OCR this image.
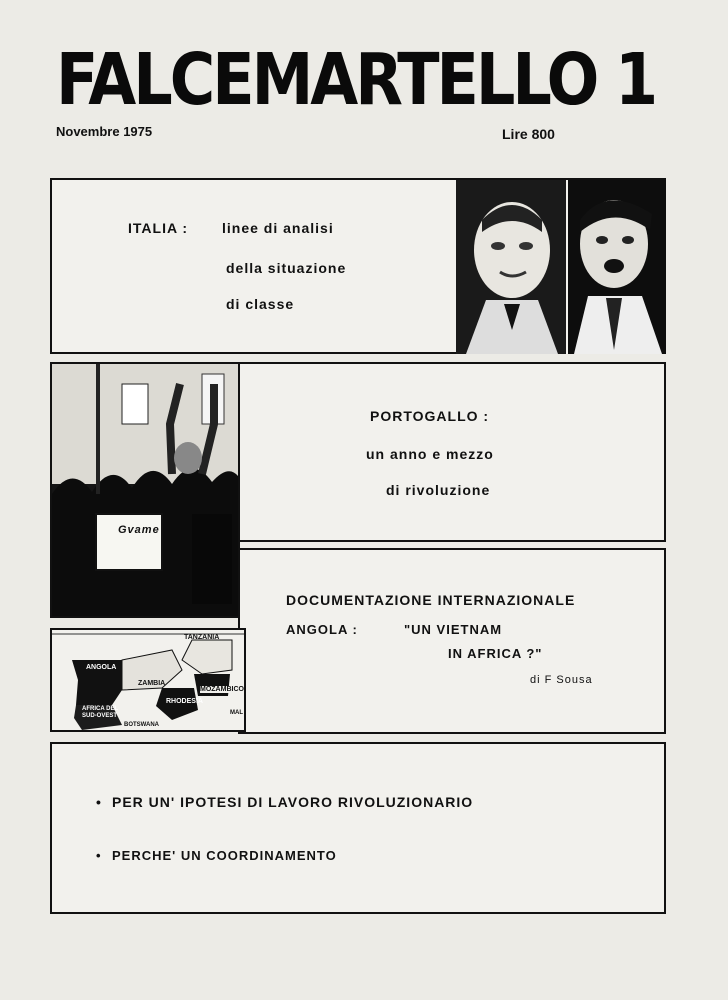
FALCEMARTELLO 1
Novembre 1975	Lire 800
ITALIA : linee di analisi
della situazione
di classe
PORTOGALLO :
un anno e mezzo
di rivoluzione
Gvame
DOCUMENTAZIONE INTERNAZIONALE
ANGOLA :	"UN VIETNAM
IN AFRICA ?"
di F Sousa
TANZANIA
ANGOLA
ZAMBIA
MOZAMBICO
RHODESIA
AFRICA DEL SUD-OVEST
BOTSWANA
MAL
• PER UN' IPOTESI DI LAVORO RIVOLUZIONARIO
• PERCHE' UN COORDINAMENTO
